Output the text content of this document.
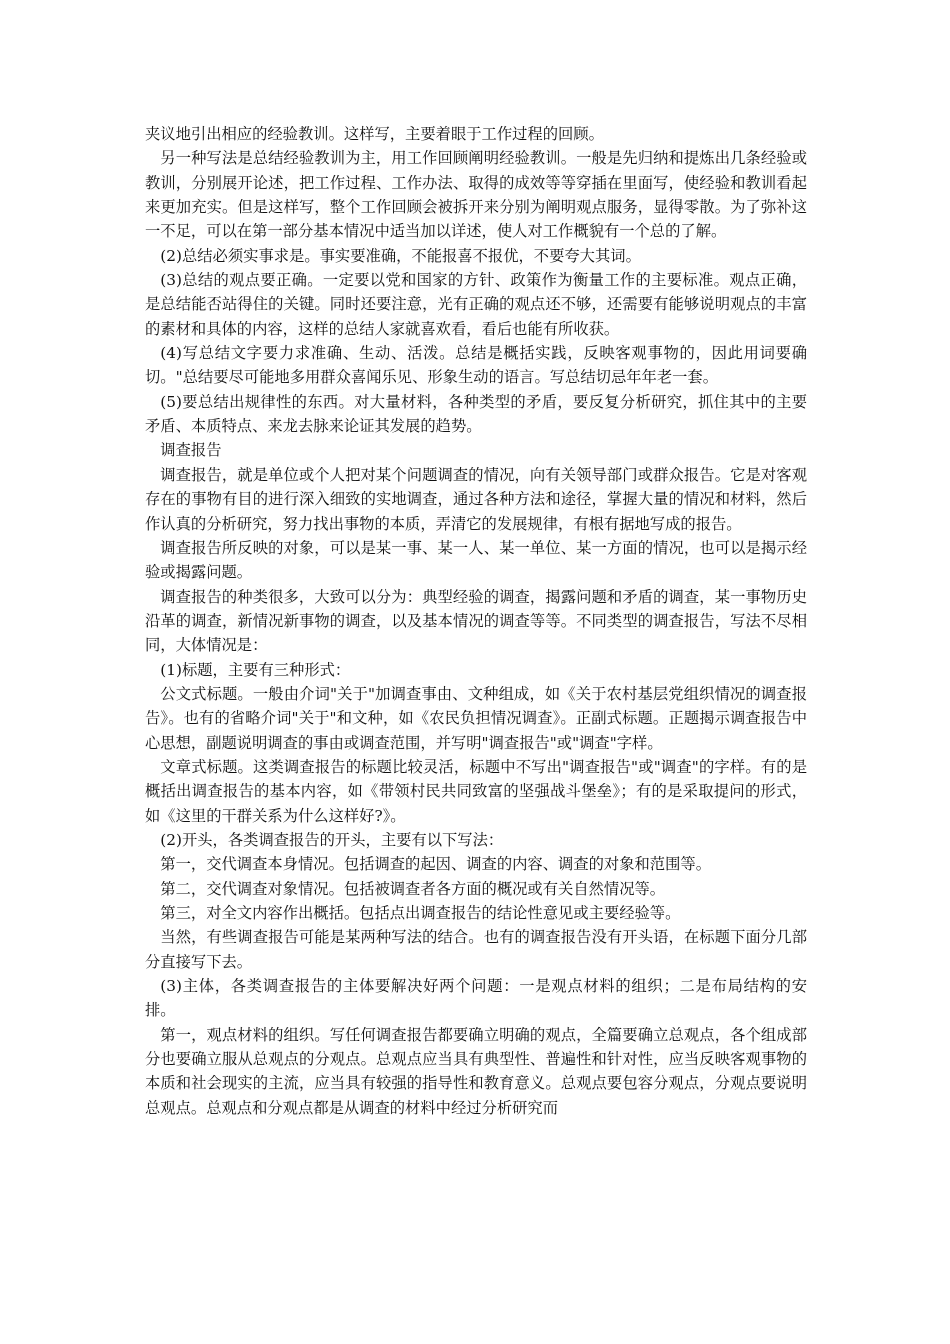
夹议地引出相应的经验教训。这样写，主要着眼于工作过程的回顾。

另一种写法是总结经验教训为主，用工作回顾阐明经验教训。一般是先归纳和提炼出几条经验或教训，分别展开论述，把工作过程、工作办法、取得的成效等等穿插在里面写，使经验和教训看起来更加充实。但是这样写，整个工作回顾会被拆开来分别为阐明观点服务，显得零散。为了弥补这一不足，可以在第一部分基本情况中适当加以详述，使人对工作概貌有一个总的了解。

(2)总结必须实事求是。事实要准确，不能报喜不报优，不要夸大其词。

(3)总结的观点要正确。一定要以党和国家的方针、政策作为衡量工作的主要标准。观点正确，是总结能否站得住的关键。同时还要注意，光有正确的观点还不够，还需要有能够说明观点的丰富的素材和具体的内容，这样的总结人家就喜欢看，看后也能有所收获。

(4)写总结文字要力求准确、生动、活泼。总结是概括实践，反映客观事物的，因此用词要确切。"总结要尽可能地多用群众喜闻乐见、形象生动的语言。写总结切忌年年老一套。

(5)要总结出规律性的东西。对大量材料，各种类型的矛盾，要反复分析研究，抓住其中的主要矛盾、本质特点、来龙去脉来论证其发展的趋势。

调查报告

调查报告，就是单位或个人把对某个问题调查的情况，向有关领导部门或群众报告。它是对客观存在的事物有目的进行深入细致的实地调查，通过各种方法和途径，掌握大量的情况和材料，然后作认真的分析研究，努力找出事物的本质，弄清它的发展规律，有根有据地写成的报告。

调查报告所反映的对象，可以是某一事、某一人、某一单位、某一方面的情况，也可以是揭示经验或揭露问题。

调查报告的种类很多，大致可以分为：典型经验的调查，揭露问题和矛盾的调查，某一事物历史沿革的调查，新情况新事物的调查，以及基本情况的调查等等。不同类型的调查报告，写法不尽相同，大体情况是：

(1)标题，主要有三种形式：

公文式标题。一般由介词"关于"加调查事由、文种组成，如《关于农村基层党组织情况的调查报告》。也有的省略介词"关于"和文种，如《农民负担情况调查》。正副式标题。正题揭示调查报告中心思想，副题说明调查的事由或调查范围，并写明"调查报告"或"调查"字样。

文章式标题。这类调查报告的标题比较灵活，标题中不写出"调查报告"或"调查"的字样。有的是概括出调查报告的基本内容，如《带领村民共同致富的坚强战斗堡垒》；有的是采取提问的形式，如《这里的干群关系为什么这样好?》。

(2)开头，各类调查报告的开头，主要有以下写法：

第一，交代调查本身情况。包括调查的起因、调查的内容、调查的对象和范围等。

第二，交代调查对象情况。包括被调查者各方面的概况或有关自然情况等。

第三，对全文内容作出概括。包括点出调查报告的结论性意见或主要经验等。

当然，有些调查报告可能是某两种写法的结合。也有的调查报告没有开头语，在标题下面分几部分直接写下去。

(3)主体，各类调查报告的主体要解决好两个问题：一是观点材料的组织；二是布局结构的安排。

第一，观点材料的组织。写任何调查报告都要确立明确的观点，全篇要确立总观点，各个组成部分也要确立服从总观点的分观点。总观点应当具有典型性、普遍性和针对性，应当反映客观事物的本质和社会现实的主流，应当具有较强的指导性和教育意义。总观点要包容分观点，分观点要说明总观点。总观点和分观点都是从调查的材料中经过分析研究而
